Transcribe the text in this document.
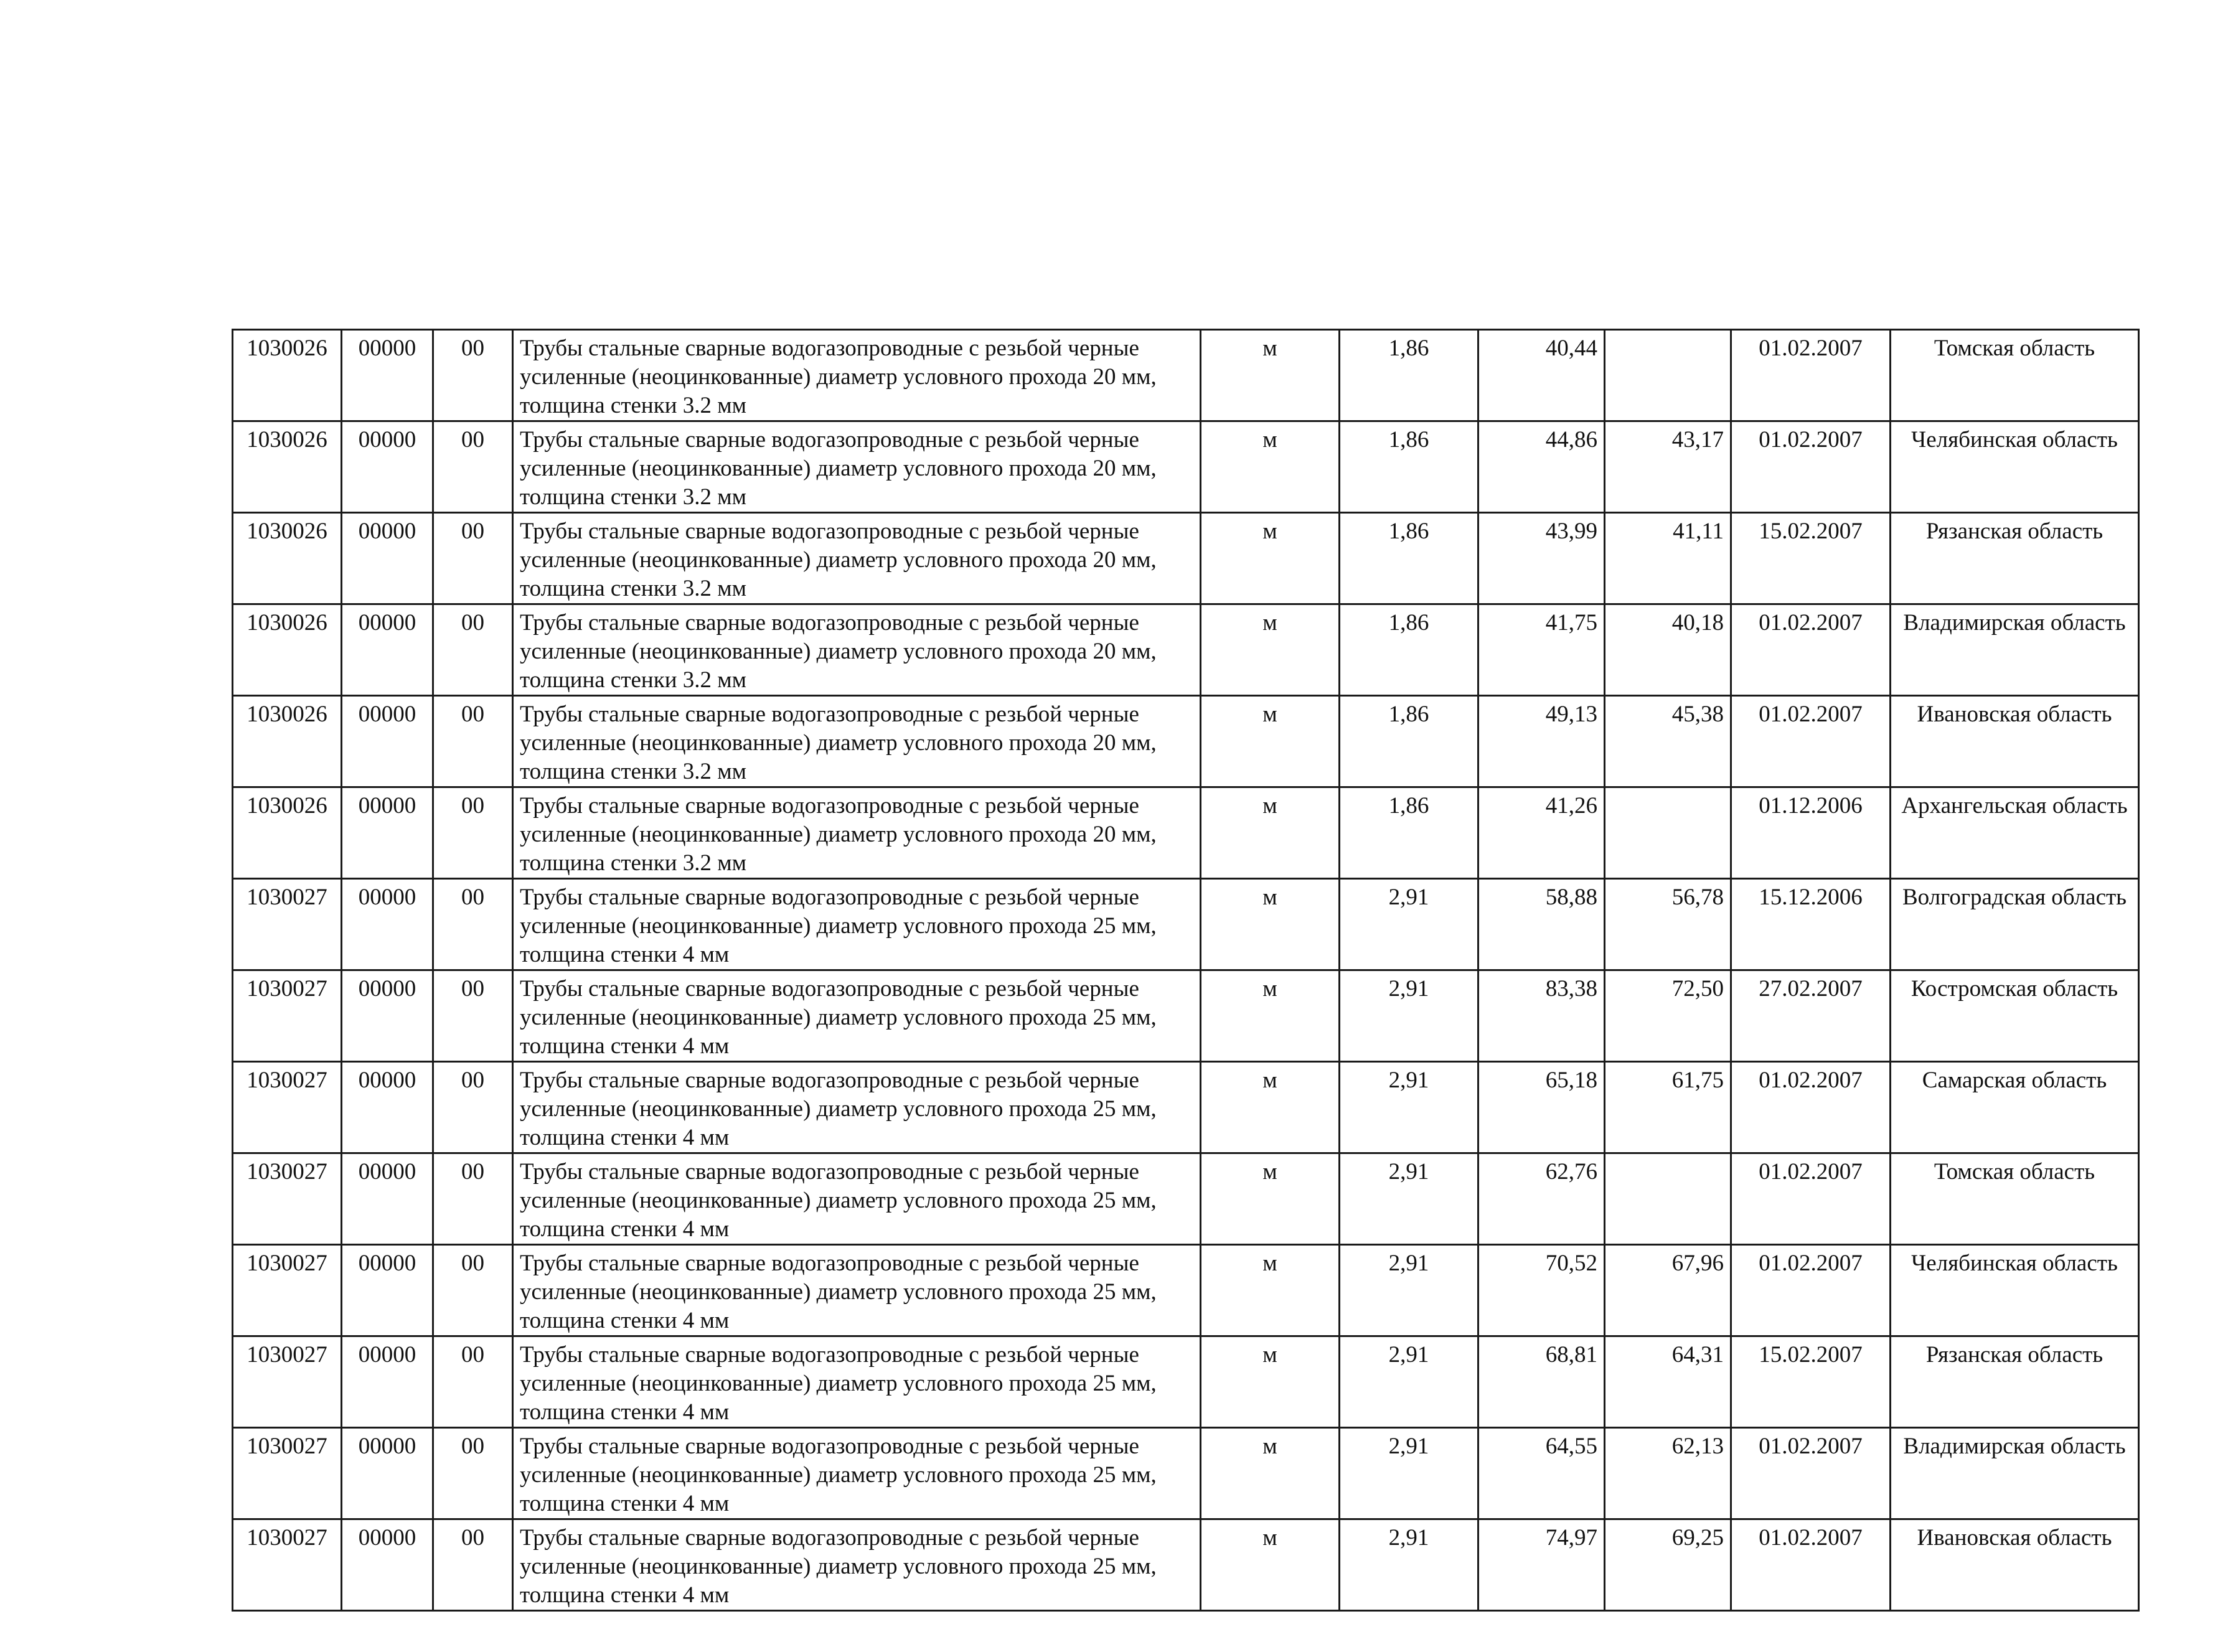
1030026	00000	00	Трубы стальные сварные водогазопроводные с резьбой черные усиленные (неоцинкованные) диаметр условного прохода 20 мм, толщина стенки 3.2 мм	м	1,86	40,44		01.02.2007	Томская область
1030026	00000	00	Трубы стальные сварные водогазопроводные с резьбой черные усиленные (неоцинкованные) диаметр условного прохода 20 мм, толщина стенки 3.2 мм	м	1,86	44,86	43,17	01.02.2007	Челябинская область
1030026	00000	00	Трубы стальные сварные водогазопроводные с резьбой черные усиленные (неоцинкованные) диаметр условного прохода 20 мм, толщина стенки 3.2 мм	м	1,86	43,99	41,11	15.02.2007	Рязанская область
1030026	00000	00	Трубы стальные сварные водогазопроводные с резьбой черные усиленные (неоцинкованные) диаметр условного прохода 20 мм, толщина стенки 3.2 мм	м	1,86	41,75	40,18	01.02.2007	Владимирская область
1030026	00000	00	Трубы стальные сварные водогазопроводные с резьбой черные усиленные (неоцинкованные) диаметр условного прохода 20 мм, толщина стенки 3.2 мм	м	1,86	49,13	45,38	01.02.2007	Ивановская область
1030026	00000	00	Трубы стальные сварные водогазопроводные с резьбой черные усиленные (неоцинкованные) диаметр условного прохода 20 мм, толщина стенки 3.2 мм	м	1,86	41,26		01.12.2006	Архангельская область
1030027	00000	00	Трубы стальные сварные водогазопроводные с резьбой черные усиленные (неоцинкованные) диаметр условного прохода 25 мм, толщина стенки 4 мм	м	2,91	58,88	56,78	15.12.2006	Волгоградская область
1030027	00000	00	Трубы стальные сварные водогазопроводные с резьбой черные усиленные (неоцинкованные) диаметр условного прохода 25 мм, толщина стенки 4 мм	м	2,91	83,38	72,50	27.02.2007	Костромская область
1030027	00000	00	Трубы стальные сварные водогазопроводные с резьбой черные усиленные (неоцинкованные) диаметр условного прохода 25 мм, толщина стенки 4 мм	м	2,91	65,18	61,75	01.02.2007	Самарская область
1030027	00000	00	Трубы стальные сварные водогазопроводные с резьбой черные усиленные (неоцинкованные) диаметр условного прохода 25 мм, толщина стенки 4 мм	м	2,91	62,76		01.02.2007	Томская область
1030027	00000	00	Трубы стальные сварные водогазопроводные с резьбой черные усиленные (неоцинкованные) диаметр условного прохода 25 мм, толщина стенки 4 мм	м	2,91	70,52	67,96	01.02.2007	Челябинская область
1030027	00000	00	Трубы стальные сварные водогазопроводные с резьбой черные усиленные (неоцинкованные) диаметр условного прохода 25 мм, толщина стенки 4 мм	м	2,91	68,81	64,31	15.02.2007	Рязанская область
1030027	00000	00	Трубы стальные сварные водогазопроводные с резьбой черные усиленные (неоцинкованные) диаметр условного прохода 25 мм, толщина стенки 4 мм	м	2,91	64,55	62,13	01.02.2007	Владимирская область
1030027	00000	00	Трубы стальные сварные водогазопроводные с резьбой черные усиленные (неоцинкованные) диаметр условного прохода 25 мм, толщина стенки 4 мм	м	2,91	74,97	69,25	01.02.2007	Ивановская область
